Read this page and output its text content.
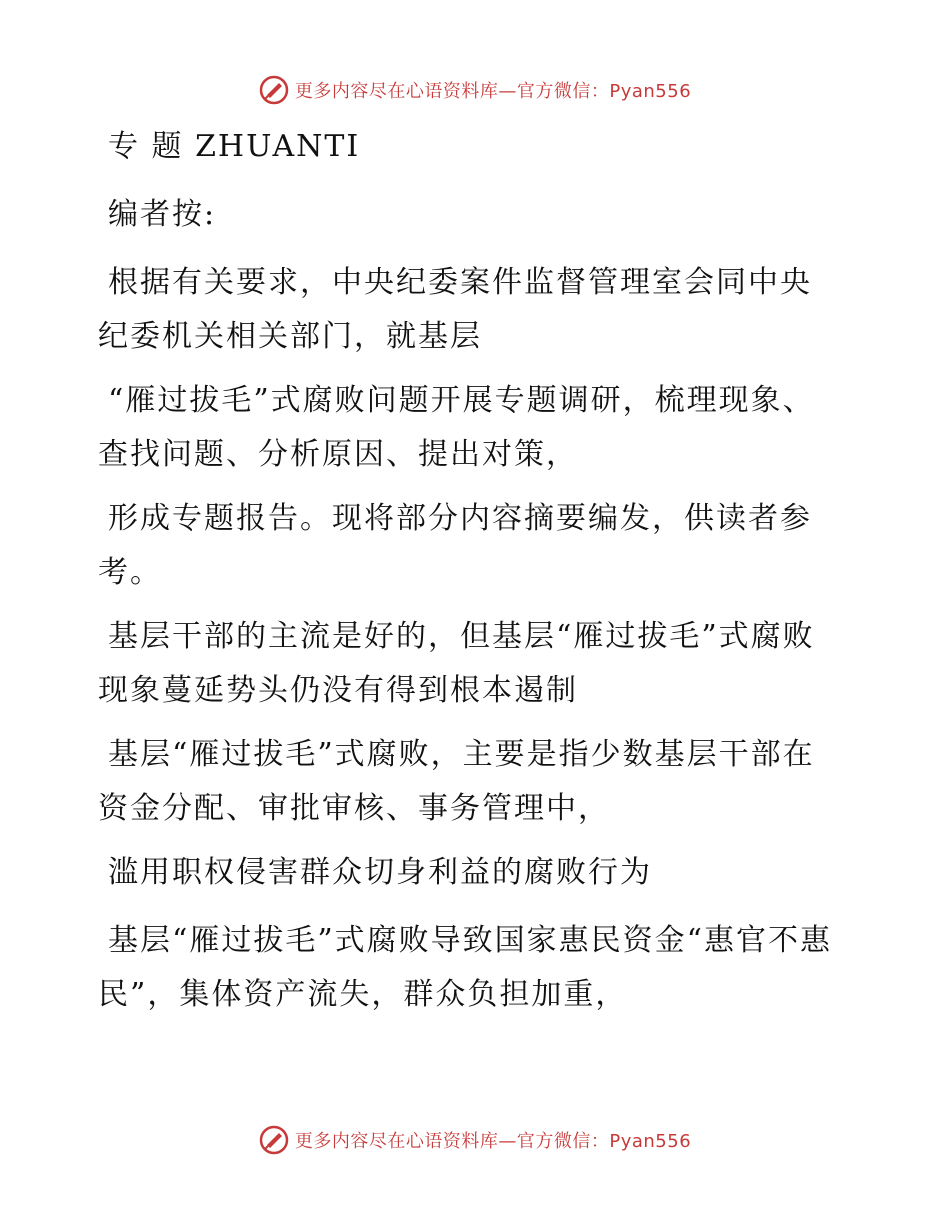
更多内容尽在心语资料库—官方微信：Pyan556

专 题 ZHUANTI

编者按:

根据有关要求，中央纪委案件监督管理室会同中央纪委机关相关部门，就基层

“雁过拔毛”式腐败问题开展专题调研，梳理现象、查找问题、分析原因、提出对策，

形成专题报告。现将部分内容摘要编发，供读者参考。

基层干部的主流是好的，但基层“雁过拔毛”式腐败现象蔓延势头仍没有得到根本遏制

基层“雁过拔毛”式腐败，主要是指少数基层干部在资金分配、审批审核、事务管理中，

滥用职权侵害群众切身利益的腐败行为

基层“雁过拔毛”式腐败导致国家惠民资金“惠官不惠民”，集体资产流失，群众负担加重，

更多内容尽在心语资料库—官方微信：Pyan556
